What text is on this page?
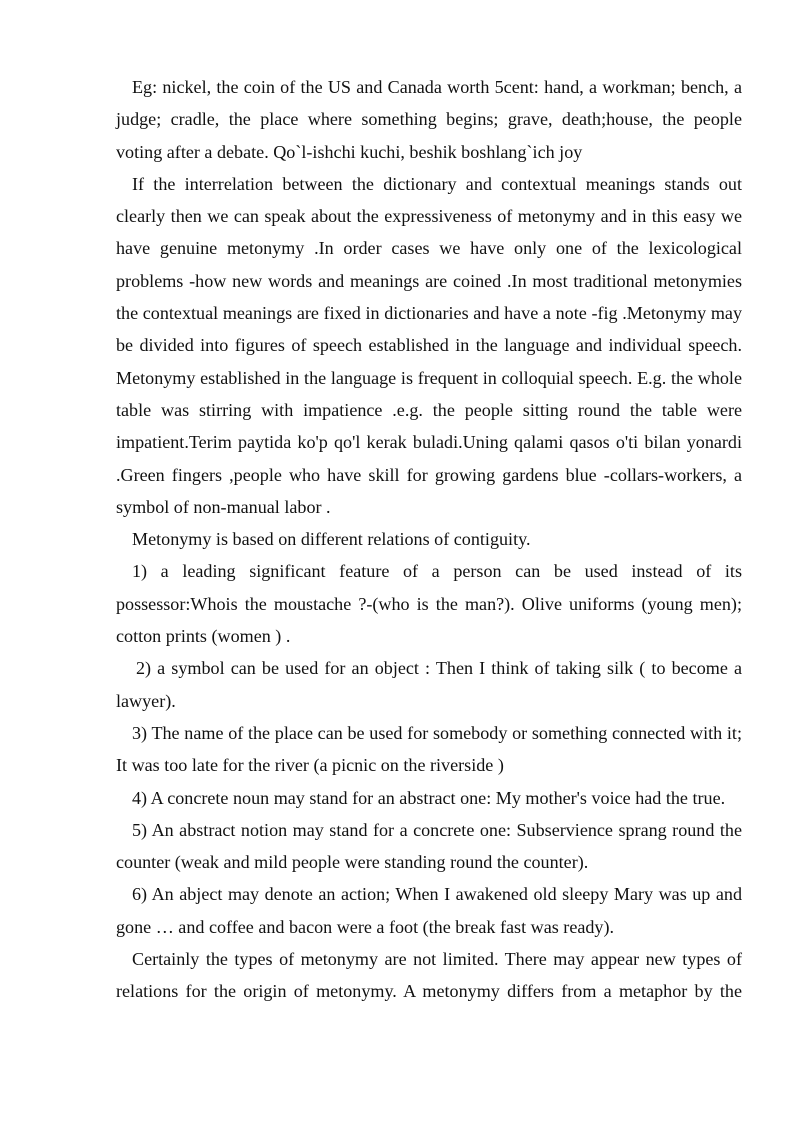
Eg: nickel, the coin of the US and Canada worth 5cent: hand, a workman; bench, a judge; cradle, the place where something begins; grave, death;house, the people voting after a debate. Qo`l-ishchi kuchi, beshik boshlang`ich joy

If the interrelation between the dictionary and contextual meanings stands out clearly then we can speak about the expressiveness of metonymy and in this easy we have genuine metonymy .In order cases we have only one of the lexicological problems -how new words and meanings are coined .In most traditional metonymies the contextual meanings are fixed in dictionaries and have a note -fig .Metonymy may be divided into figures of speech established in the language and individual speech. Metonymy established in the language is frequent in colloquial speech. E.g. the whole table was stirring with impatience .e.g. the people sitting round the table were impatient.Terim paytida ko'p qo'l kerak buladi.Uning qalami qasos o'ti bilan yonardi .Green fingers ,people who have skill for growing gardens blue -collars-workers, a symbol of non-manual labor .

Metonymy is based on different relations of contiguity.

1) a leading significant feature of a person can be used instead of its possessor:Whois the moustache ?-(who is the man?). Olive uniforms (young men); cotton prints (women ) .

2) a symbol can be used for an object : Then I think of taking silk ( to become a lawyer).

3) The name of the place can be used for somebody or something connected with it; It was too late for the river (a picnic on the riverside )

4) A concrete noun may stand for an abstract one: My mother's voice had the true.

5) An abstract notion may stand for a concrete one: Subservience sprang round the counter (weak and mild people were standing round the counter).

6) An abject may denote an action; When I awakened old sleepy Mary was up and gone … and coffee and bacon were a foot (the break fast was ready).

Certainly the types of metonymy are not limited. There may appear new types of relations for the origin of metonymy. A metonymy differs from a metaphor by the
